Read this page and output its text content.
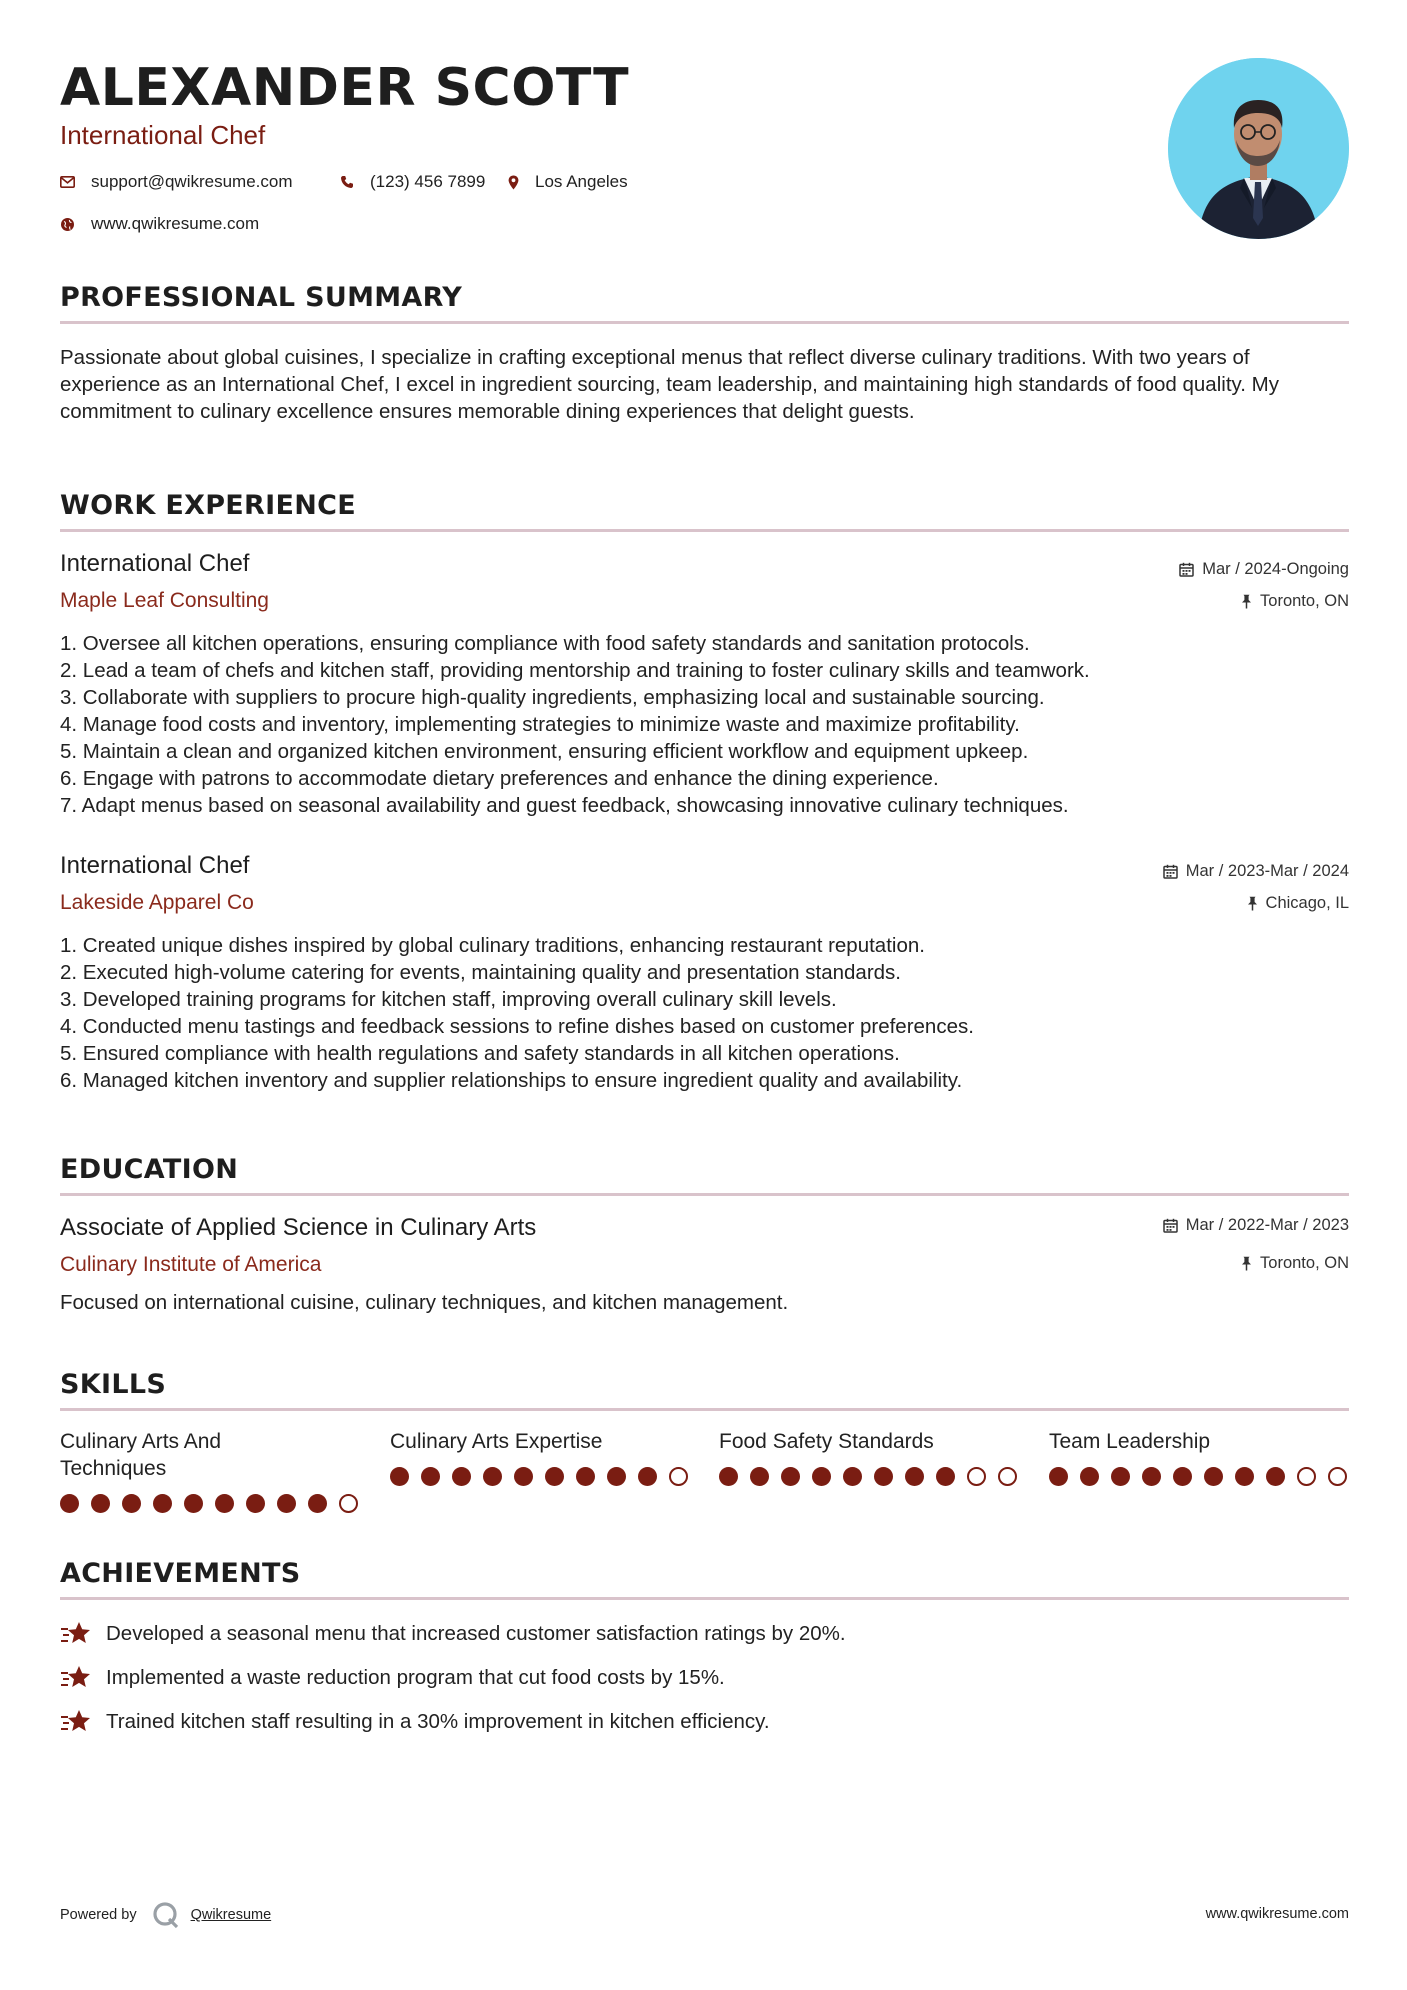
ALEXANDER SCOTT
International Chef
support@qwikresume.com	(123) 456 7899	Los Angeles
www.qwikresume.com
PROFESSIONAL SUMMARY
Passionate about global cuisines, I specialize in crafting exceptional menus that reflect diverse culinary traditions. With two years of experience as an International Chef, I excel in ingredient sourcing, team leadership, and maintaining high standards of food quality. My commitment to culinary excellence ensures memorable dining experiences that delight guests.
WORK EXPERIENCE
International Chef
Maple Leaf Consulting
Mar / 2024-Ongoing
Toronto, ON
1. Oversee all kitchen operations, ensuring compliance with food safety standards and sanitation protocols.
2. Lead a team of chefs and kitchen staff, providing mentorship and training to foster culinary skills and teamwork.
3. Collaborate with suppliers to procure high-quality ingredients, emphasizing local and sustainable sourcing.
4. Manage food costs and inventory, implementing strategies to minimize waste and maximize profitability.
5. Maintain a clean and organized kitchen environment, ensuring efficient workflow and equipment upkeep.
6. Engage with patrons to accommodate dietary preferences and enhance the dining experience.
7. Adapt menus based on seasonal availability and guest feedback, showcasing innovative culinary techniques.
International Chef
Lakeside Apparel Co
Mar / 2023-Mar / 2024
Chicago, IL
1. Created unique dishes inspired by global culinary traditions, enhancing restaurant reputation.
2. Executed high-volume catering for events, maintaining quality and presentation standards.
3. Developed training programs for kitchen staff, improving overall culinary skill levels.
4. Conducted menu tastings and feedback sessions to refine dishes based on customer preferences.
5. Ensured compliance with health regulations and safety standards in all kitchen operations.
6. Managed kitchen inventory and supplier relationships to ensure ingredient quality and availability.
EDUCATION
Associate of Applied Science in Culinary Arts
Culinary Institute of America
Mar / 2022-Mar / 2023
Toronto, ON
Focused on international cuisine, culinary techniques, and kitchen management.
SKILLS
Culinary Arts And Techniques
Culinary Arts Expertise	Food Safety Standards	Team Leadership
ACHIEVEMENTS
Developed a seasonal menu that increased customer satisfaction ratings by 20%.
Implemented a waste reduction program that cut food costs by 15%.
Trained kitchen staff resulting in a 30% improvement in kitchen efficiency.
Powered by	Qwikresume	www.qwikresume.com
